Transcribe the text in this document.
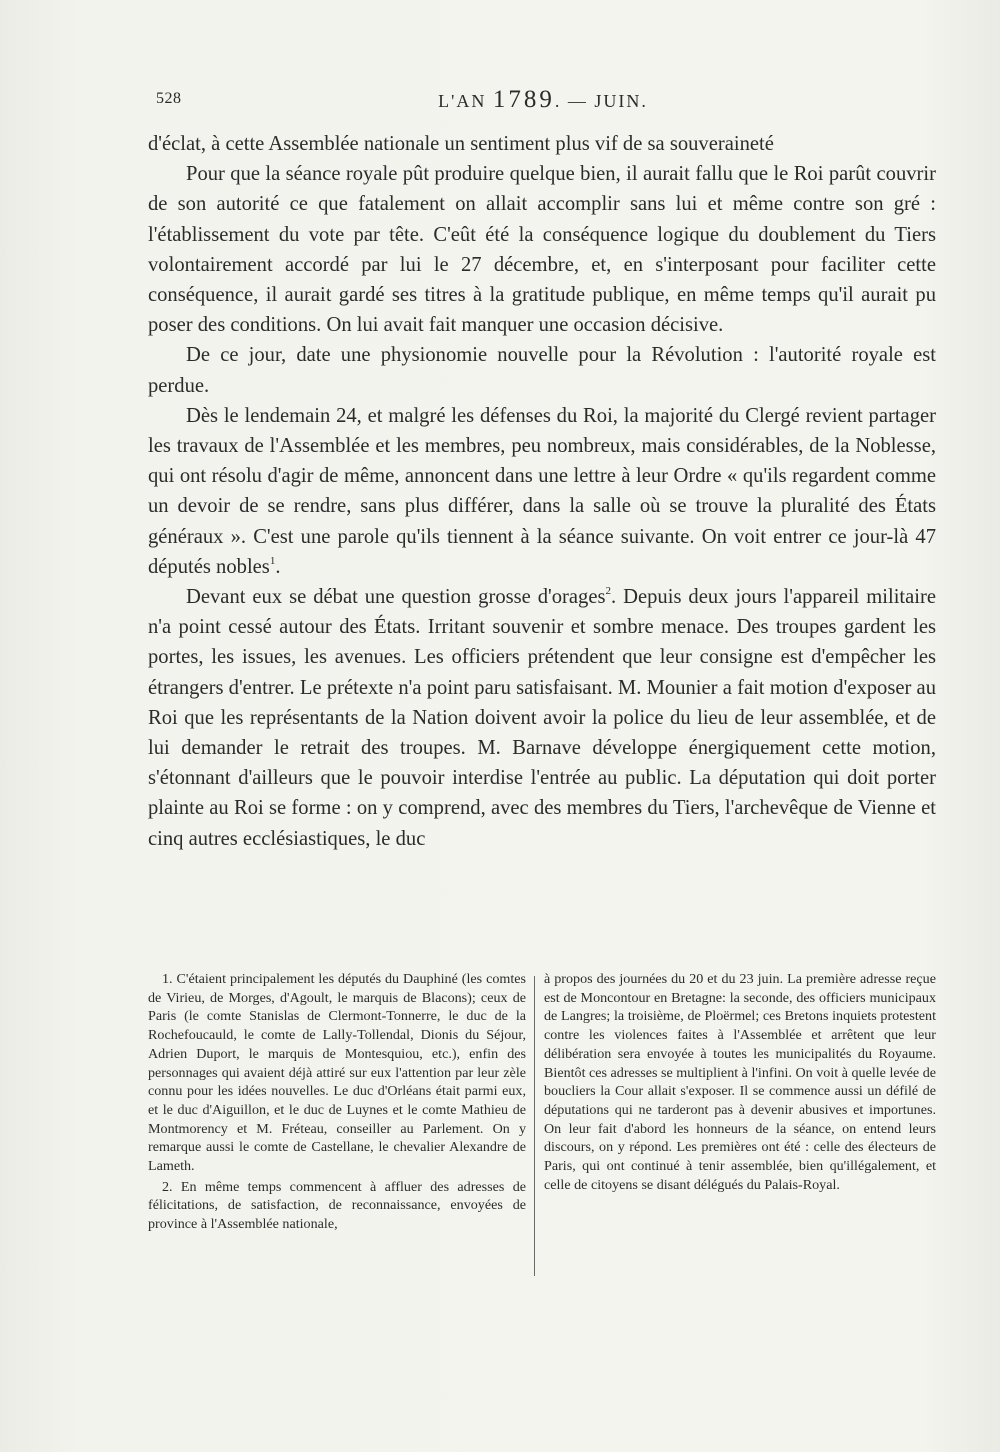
528	L'AN 1789. — JUIN.

d'éclat, à cette Assemblée nationale un sentiment plus vif de sa souveraineté

Pour que la séance royale pût produire quelque bien, il aurait fallu que le Roi parût couvrir de son autorité ce que fatalement on allait accomplir sans lui et même contre son gré : l'établissement du vote par tête. C'eût été la conséquence logique du doublement du Tiers volontairement accordé par lui le 27 décembre, et, en s'interposant pour faciliter cette conséquence, il aurait gardé ses titres à la gratitude publique, en même temps qu'il aurait pu poser des conditions. On lui avait fait manquer une occasion décisive.

De ce jour, date une physionomie nouvelle pour la Révolution : l'autorité royale est perdue.

Dès le lendemain 24, et malgré les défenses du Roi, la majorité du Clergé revient partager les travaux de l'Assemblée et les membres, peu nombreux, mais considérables, de la Noblesse, qui ont résolu d'agir de même, annoncent dans une lettre à leur Ordre « qu'ils regardent comme un devoir de se rendre, sans plus différer, dans la salle où se trouve la pluralité des États généraux ». C'est une parole qu'ils tiennent à la séance suivante. On voit entrer ce jour-là 47 députés nobles$^1$.

Devant eux se débat une question grosse d'orages$^2$. Depuis deux jours l'appareil militaire n'a point cessé autour des États. Irritant souvenir et sombre menace. Des troupes gardent les portes, les issues, les avenues. Les officiers prétendent que leur consigne est d'empêcher les étrangers d'entrer. Le prétexte n'a point paru satisfaisant. M. Mounier a fait motion d'exposer au Roi que les représentants de la Nation doivent avoir la police du lieu de leur assemblée, et de lui demander le retrait des troupes. M. Barnave développe énergiquement cette motion, s'étonnant d'ailleurs que le pouvoir interdise l'entrée au public. La députation qui doit porter plainte au Roi se forme : on y comprend, avec des membres du Tiers, l'archevêque de Vienne et cinq autres ecclésiastiques, le duc

1. C'étaient principalement les députés du Dauphiné (les comtes de Virieu, de Morges, d'Agoult, le marquis de Blacons); ceux de Paris (le comte Stanislas de Clermont-Tonnerre, le duc de la Rochefoucauld, le comte de Lally-Tollendal, Dionis du Séjour, Adrien Duport, le marquis de Montesquiou, etc.), enfin des personnages qui avaient déjà attiré sur eux l'attention par leur zèle connu pour les idées nouvelles. Le duc d'Orléans était parmi eux, et le duc d'Aiguillon, et le duc de Luynes et le comte Mathieu de Montmorency et M. Fréteau, conseiller au Parlement. On y remarque aussi le comte de Castellane, le chevalier Alexandre de Lameth.

2. En même temps commencent à affluer des adresses de félicitations, de satisfaction, de reconnaissance, envoyées de province à l'Assemblée nationale,

à propos des journées du 20 et du 23 juin. La première adresse reçue est de Moncontour en Bretagne: la seconde, des officiers municipaux de Langres; la troisième, de Ploërmel; ces Bretons inquiets protestent contre les violences faites à l'Assemblée et arrêtent que leur délibération sera envoyée à toutes les municipalités du Royaume. Bientôt ces adresses se multiplient à l'infini. On voit à quelle levée de boucliers la Cour allait s'exposer. Il se commence aussi un défilé de députations qui ne tarderont pas à devenir abusives et importunes. On leur fait d'abord les honneurs de la séance, on entend leurs discours, on y répond. Les premières ont été : celle des électeurs de Paris, qui ont continué à tenir assemblée, bien qu'illégalement, et celle de citoyens se disant délégués du Palais-Royal.
